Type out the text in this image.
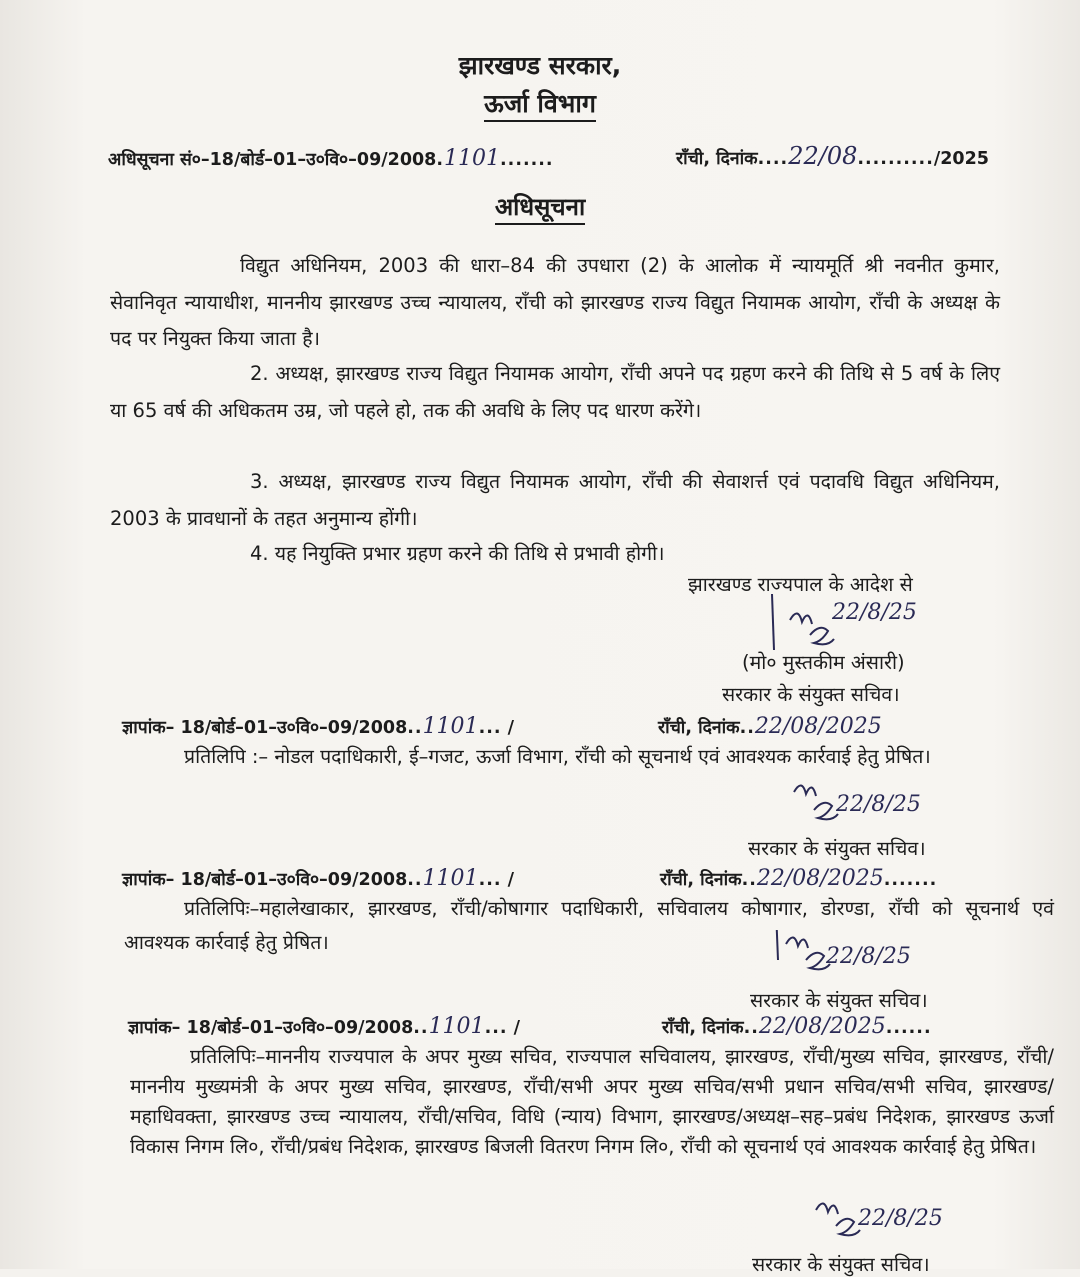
झारखण्ड सरकार,
ऊर्जा विभाग
अधिसूचना सं०–18/बोर्ड–01–उ०वि०–09/2008.1101.......	राँची, दिनांक....22/08........../2025
अधिसूचना
विद्युत अधिनियम, 2003 की धारा–84 की उपधारा (2) के आलोक में न्यायमूर्ति श्री नवनीत कुमार, सेवानिवृत न्यायाधीश, माननीय झारखण्ड उच्च न्यायालय, राँची को झारखण्ड राज्य विद्युत नियामक आयोग, राँची के अध्यक्ष के पद पर नियुक्त किया जाता है।
2. अध्यक्ष, झारखण्ड राज्य विद्युत नियामक आयोग, राँची अपने पद ग्रहण करने की तिथि से 5 वर्ष के लिए या 65 वर्ष की अधिकतम उम्र, जो पहले हो, तक की अवधि के लिए पद धारण करेंगे।
3. अध्यक्ष, झारखण्ड राज्य विद्युत नियामक आयोग, राँची की सेवाशर्त्त एवं पदावधि विद्युत अधिनियम, 2003 के प्रावधानों के तहत अनुमान्य होंगी।
4. यह नियुक्ति प्रभार ग्रहण करने की तिथि से प्रभावी होगी।
झारखण्ड राज्यपाल के आदेश से
22/8/25
(मो० मुस्तकीम अंसारी)
सरकार के संयुक्त सचिव।
ज्ञापांक– 18/बोर्ड–01–उ०वि०–09/2008..1101... /	राँची, दिनांक..22/08/2025
प्रतिलिपि :– नोडल पदाधिकारी, ई–गजट, ऊर्जा विभाग, राँची को सूचनार्थ एवं आवश्यक कार्रवाई हेतु प्रेषित।
22/8/25
सरकार के संयुक्त सचिव।
ज्ञापांक– 18/बोर्ड–01–उ०वि०–09/2008..1101... /	राँची, दिनांक..22/08/2025.......
प्रतिलिपिः–महालेखाकार, झारखण्ड, राँची/कोषागार पदाधिकारी, सचिवालय कोषागार, डोरण्डा, राँची को सूचनार्थ एवं आवश्यक कार्रवाई हेतु प्रेषित।
22/8/25
सरकार के संयुक्त सचिव।
ज्ञापांक– 18/बोर्ड–01–उ०वि०–09/2008..1101... /	राँची, दिनांक..22/08/2025......
प्रतिलिपिः–माननीय राज्यपाल के अपर मुख्य सचिव, राज्यपाल सचिवालय, झारखण्ड, राँची/मुख्य सचिव, झारखण्ड, राँची/माननीय मुख्यमंत्री के अपर मुख्य सचिव, झारखण्ड, राँची/सभी अपर मुख्य सचिव/सभी प्रधान सचिव/सभी सचिव, झारखण्ड/महाधिवक्ता, झारखण्ड उच्च न्यायालय, राँची/सचिव, विधि (न्याय) विभाग, झारखण्ड/अध्यक्ष–सह–प्रबंध निदेशक, झारखण्ड ऊर्जा विकास निगम लि०, राँची/प्रबंध निदेशक, झारखण्ड बिजली वितरण निगम लि०, राँची को सूचनार्थ एवं आवश्यक कार्रवाई हेतु प्रेषित।
22/8/25
सरकार के संयुक्त सचिव।
